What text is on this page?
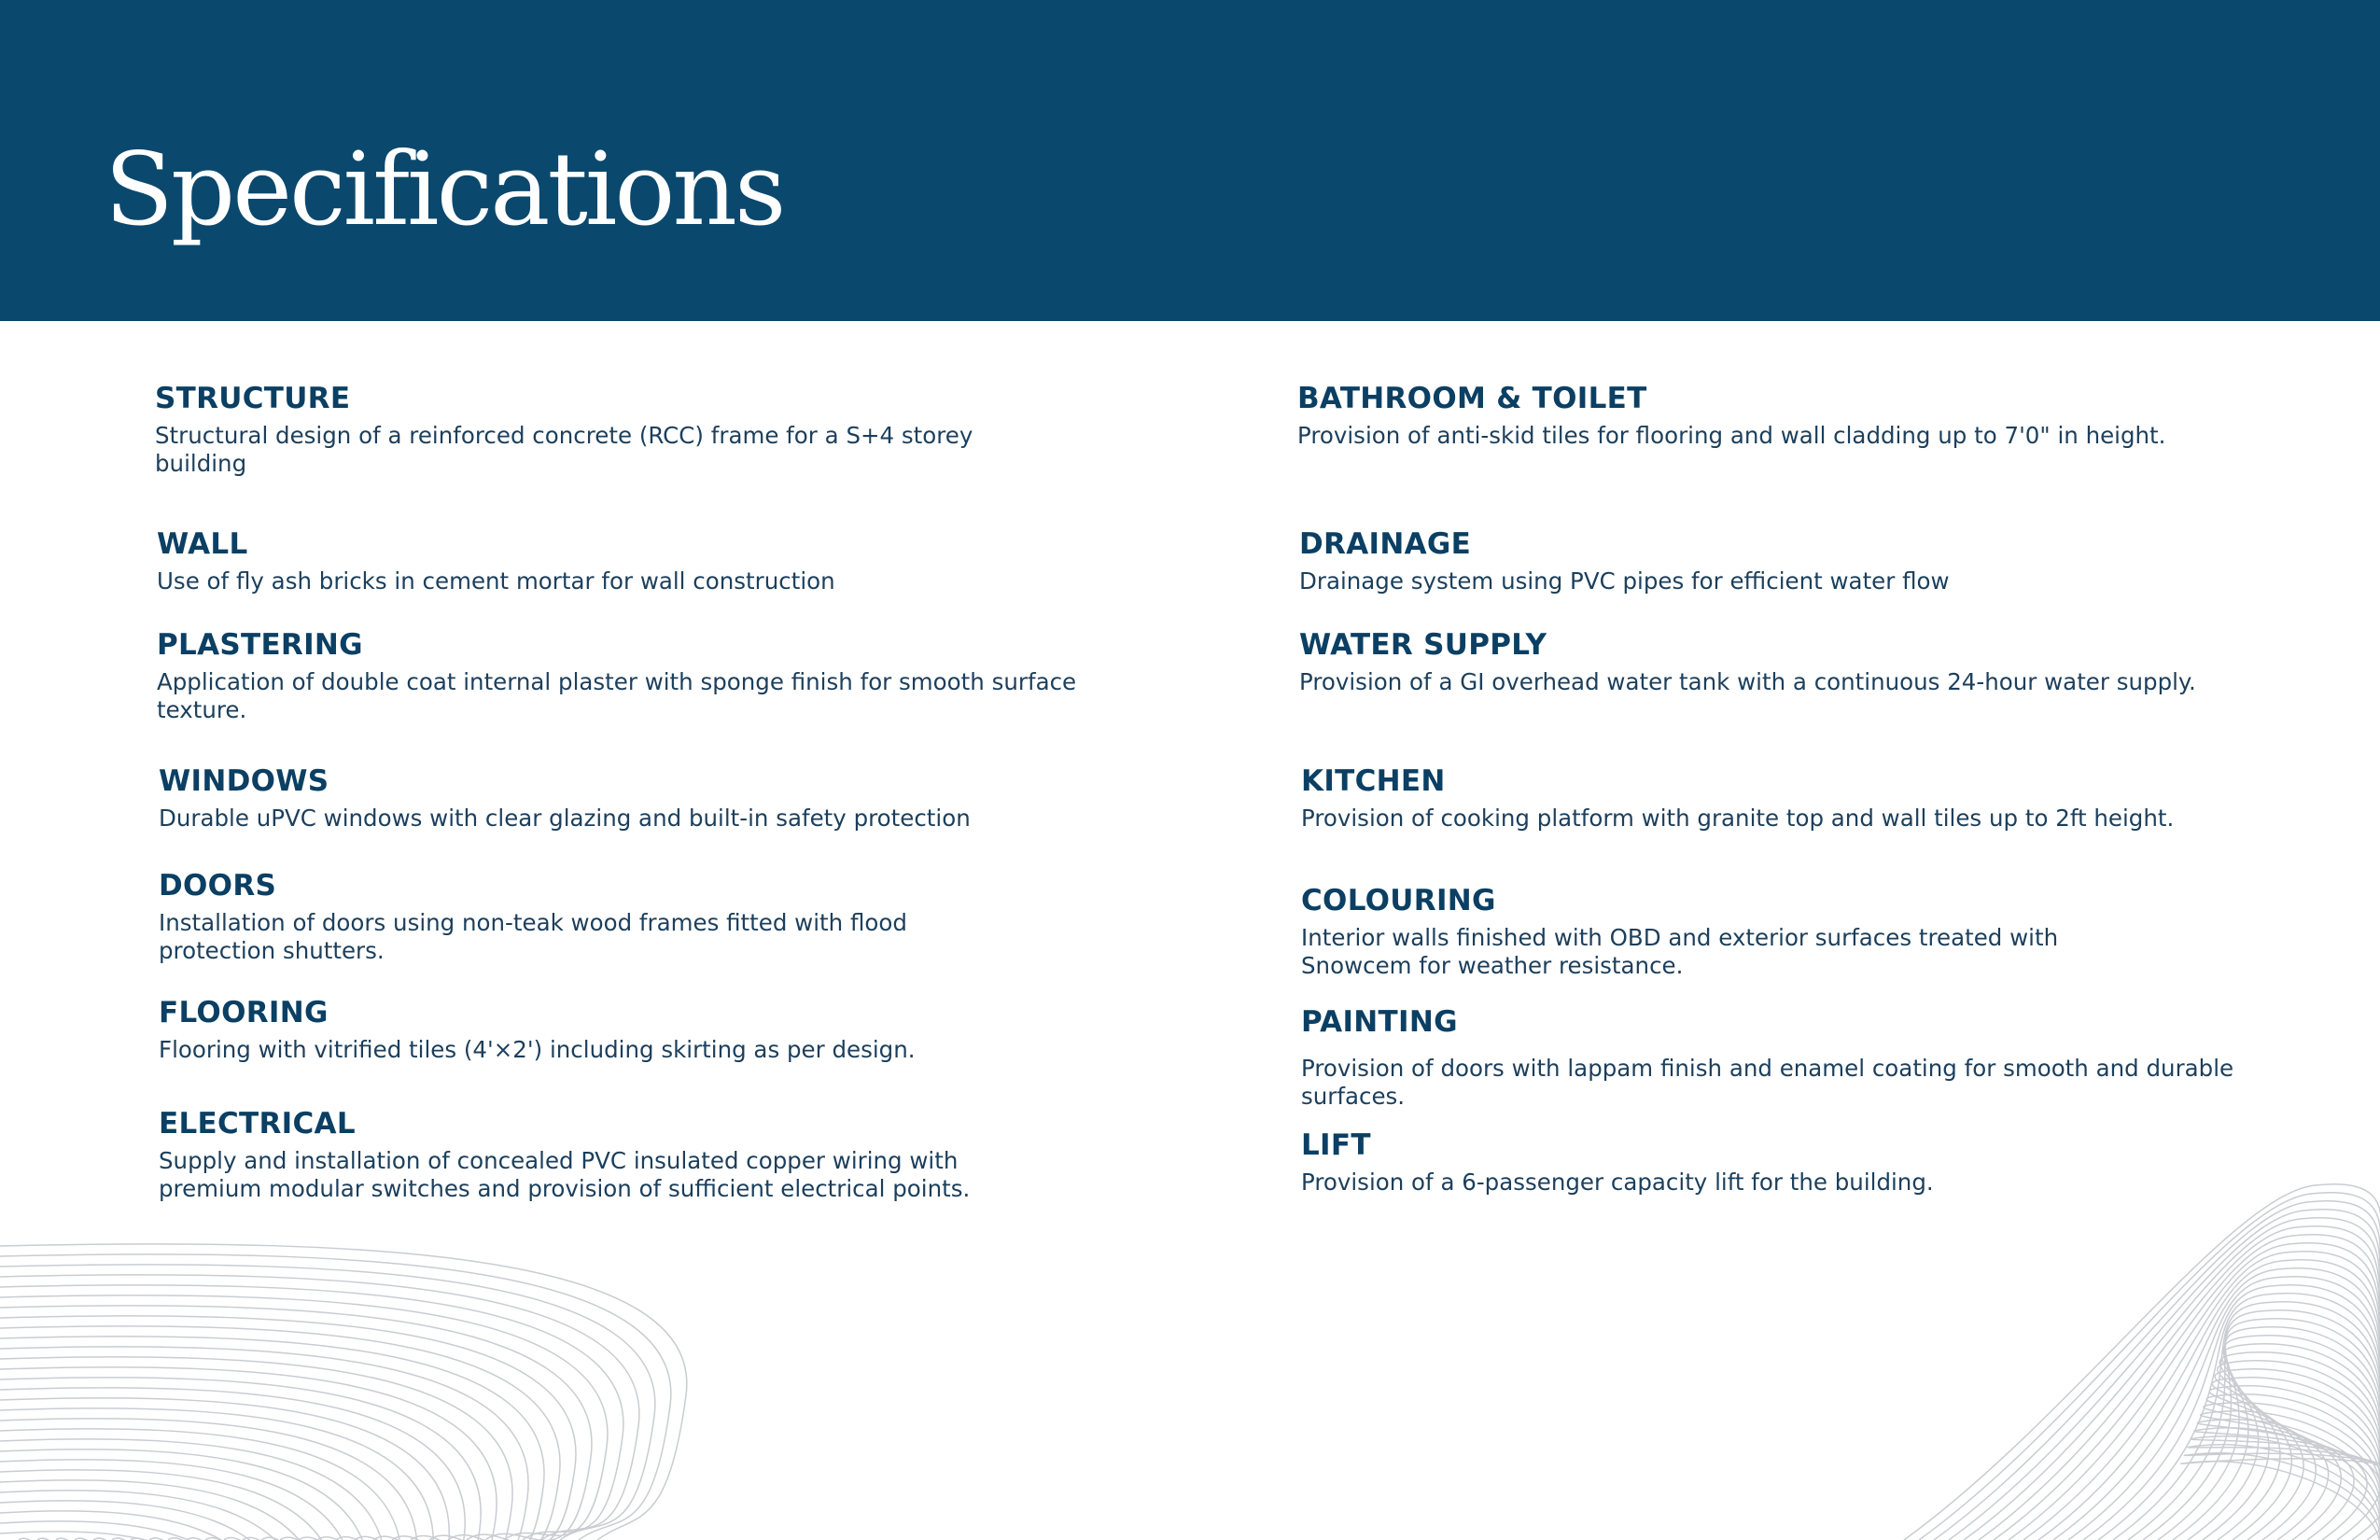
Specifications
STRUCTURE

Structural design of a reinforced concrete (RCC) frame for a S+4 storey building

WALL

Use of fly ash bricks in cement mortar for wall construction

PLASTERING

Application of double coat internal plaster with sponge finish for smooth surface texture.

WINDOWS

Durable uPVC windows with clear glazing and built-in safety protection

DOORS

Installation of doors using non-teak wood frames fitted with flood protection shutters.

FLOORING

Flooring with vitrified tiles (4'×2') including skirting as per design.

ELECTRICAL

Supply and installation of concealed PVC insulated copper wiring with premium modular switches and provision of sufficient electrical points.

BATHROOM & TOILET

Provision of anti-skid tiles for flooring and wall cladding up to 7'0" in height.

DRAINAGE

Drainage system using PVC pipes for efficient water flow

WATER SUPPLY

Provision of a GI overhead water tank with a continuous 24-hour water supply.

KITCHEN

Provision of cooking platform with granite top and wall tiles up to 2ft height.

COLOURING

Interior walls finished with OBD and exterior surfaces treated with Snowcem for weather resistance.

PAINTING

Provision of doors with lappam finish and enamel coating for smooth and durable surfaces.

LIFT

Provision of a 6-passenger capacity lift for the building.
